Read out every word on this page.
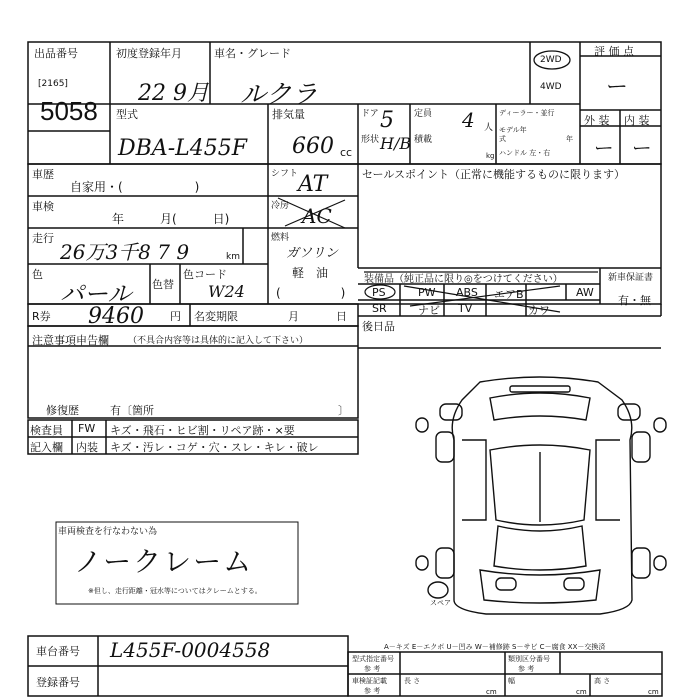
出品番号
[2165]
5058
初度登録年月
22 9月
車名・グレード
ルクラ
2WD
4WD
評 価 点
ー
型式
DBA-L455F
排気量
660 cc
ドア 5
形状 H/B
定員 4 人
積載
kg
ディーラー・並行
モデル年式	年
ハンドル 左・右
外 装 内 装
ー ー
車歴
自家用・(　　　　　　)
シフト AT	セールスポイント（正常に機能するものに限ります）
車検
年　　　月(　　　日)
冷房 AC
走行
26万3千8 7 9	km
燃料
ガソリン
軽　油
(　　　　　)
色
パール 色替
色コード
W24
装備品（純正品に限り◎をつけてください）
PS	PW ABS エアB	AW
SR	ナビ TV	カワ
新車保証書
有・無
R券 9460 円 名変期限	月	日
後日品
注意事項申告欄 （不具合内容等は具体的に記入して下さい）
修復歴	有〔箇所	〕
検査員
記入欄
FW キズ・飛石・ヒビ割・リペア跡・×要
内装 キズ・汚レ・コゲ・穴・スレ・キレ・破レ
車両検査を行なわない為
ノークレーム
※但し、走行距離・冠水等についてはクレームとする。
スペア
車台番号 L455F-0004558
登録番号
A－キズ E－エクボ U－凹み W－補修跡 S－サビ C－腐食 XX－交換済
型式指定番号
参 考
類別区分番号
参 考
車検証記載
参 考
長 さ
cm
幅
cm
高 さ
cm
